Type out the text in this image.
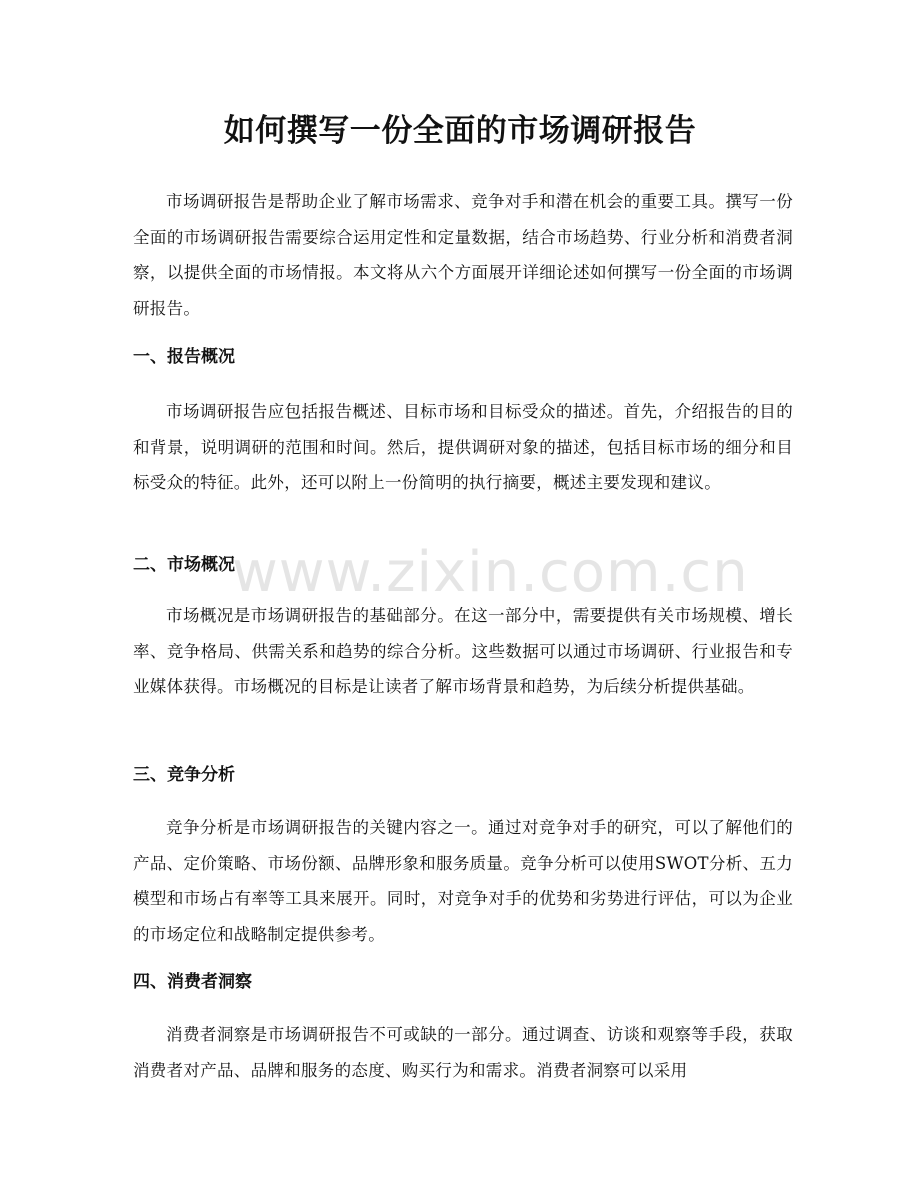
如何撰写一份全面的市场调研报告

市场调研报告是帮助企业了解市场需求、竞争对手和潜在机会的重要工具。撰写一份全面的市场调研报告需要综合运用定性和定量数据，结合市场趋势、行业分析和消费者洞察，以提供全面的市场情报。本文将从六个方面展开详细论述如何撰写一份全面的市场调研报告。

一、报告概况

市场调研报告应包括报告概述、目标市场和目标受众的描述。首先，介绍报告的目的和背景，说明调研的范围和时间。然后，提供调研对象的描述，包括目标市场的细分和目标受众的特征。此外，还可以附上一份简明的执行摘要，概述主要发现和建议。

二、市场概况

市场概况是市场调研报告的基础部分。在这一部分中，需要提供有关市场规模、增长率、竞争格局、供需关系和趋势的综合分析。这些数据可以通过市场调研、行业报告和专业媒体获得。市场概况的目标是让读者了解市场背景和趋势，为后续分析提供基础。

三、竞争分析

竞争分析是市场调研报告的关键内容之一。通过对竞争对手的研究，可以了解他们的产品、定价策略、市场份额、品牌形象和服务质量。竞争分析可以使用SWOT分析、五力模型和市场占有率等工具来展开。同时，对竞争对手的优势和劣势进行评估，可以为企业的市场定位和战略制定提供参考。

四、消费者洞察

消费者洞察是市场调研报告不可或缺的一部分。通过调查、访谈和观察等手段，获取消费者对产品、品牌和服务的态度、购买行为和需求。消费者洞察可以采用

www.zixin.com.cn
